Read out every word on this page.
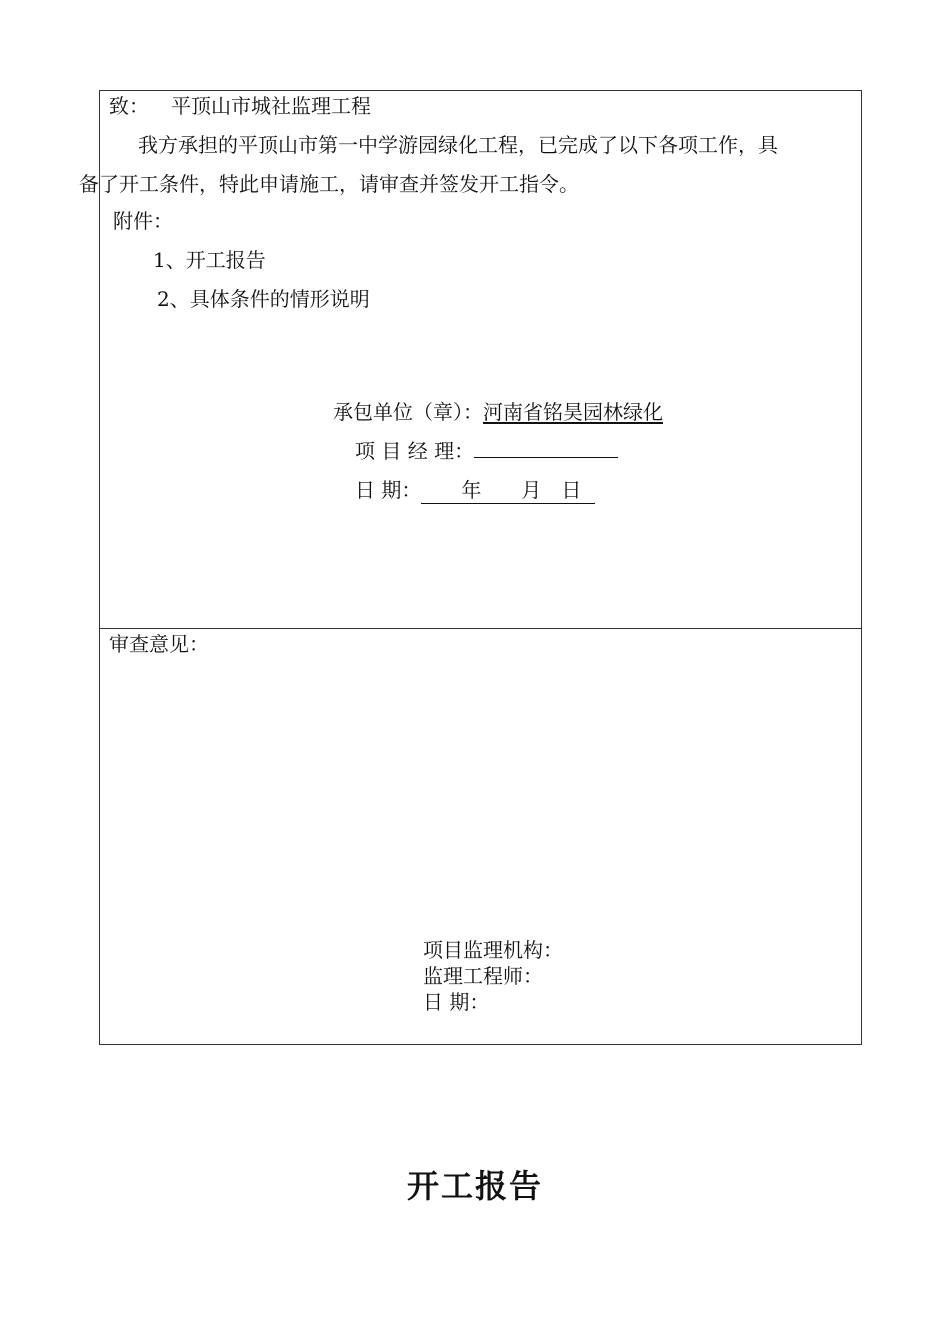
致： 平顶山市城社监理工程

我方承担的平顶山市第一中学游园绿化工程，已完成了以下各项工作，具

备了开工条件，特此申请施工，请审查并签发开工指令。

附件：

1、开工报告

2、具体条件的情形说明

承包单位（章）：河南省铭昊园林绿化

项 目 经 理：

日 期： 年 月 日

审查意见：

项目监理机构：

监理工程师：

日 期：

开工报告
